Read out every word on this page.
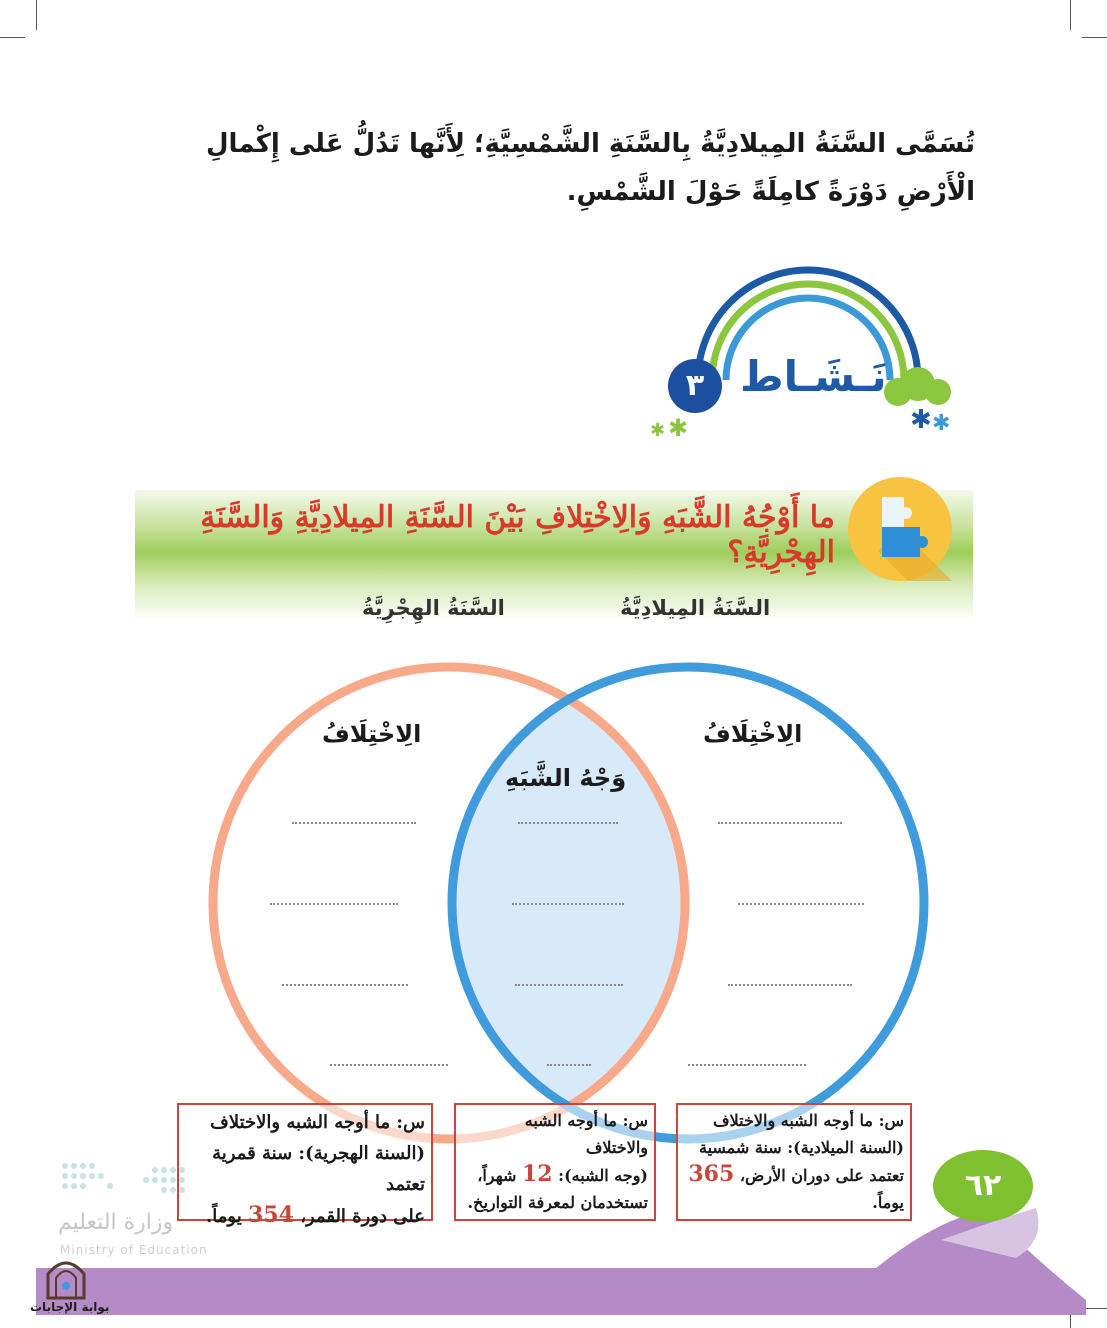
تُسَمَّى السَّنَةُ المِيلادِيَّةُ بِالسَّنَةِ الشَّمْسِيَّةِ؛ لِأَنَّها تَدُلُّ عَلى إِكْمالِ الْأَرْضِ دَوْرَةً كامِلَةً حَوْلَ الشَّمْسِ.
✱ ✱
✱ ✱
نَـشَـاط
٣
ما أَوْجُهُ الشَّبَهِ وَالِاخْتِلافِ بَيْنَ السَّنَةِ المِيلادِيَّةِ وَالسَّنَةِ الهِجْرِيَّةِ؟
السَّنَةُ المِيلادِيَّةُ
السَّنَةُ الهِجْرِيَّةُ
الِاخْتِلَافُ
وَجْهُ الشَّبَهِ
الِاخْتِلَافُ
س: ما أوجه الشبه والاختلاف
(السنة الهجرية): سنة قمرية تعتمد
على دورة القمر، 354 يوماً.
س: ما أوجه الشبه
والاختلاف
(وجه الشبه): 12 شهراً،
تستخدمان لمعرفة التواريخ.
س: ما أوجه الشبه والاختلاف
(السنة الميلادية): سنة شمسية
تعتمد على دوران الأرض، 365
يوماً.	٦٢
وزارة التعليم
Ministry of Education
بوابة الإجابات
